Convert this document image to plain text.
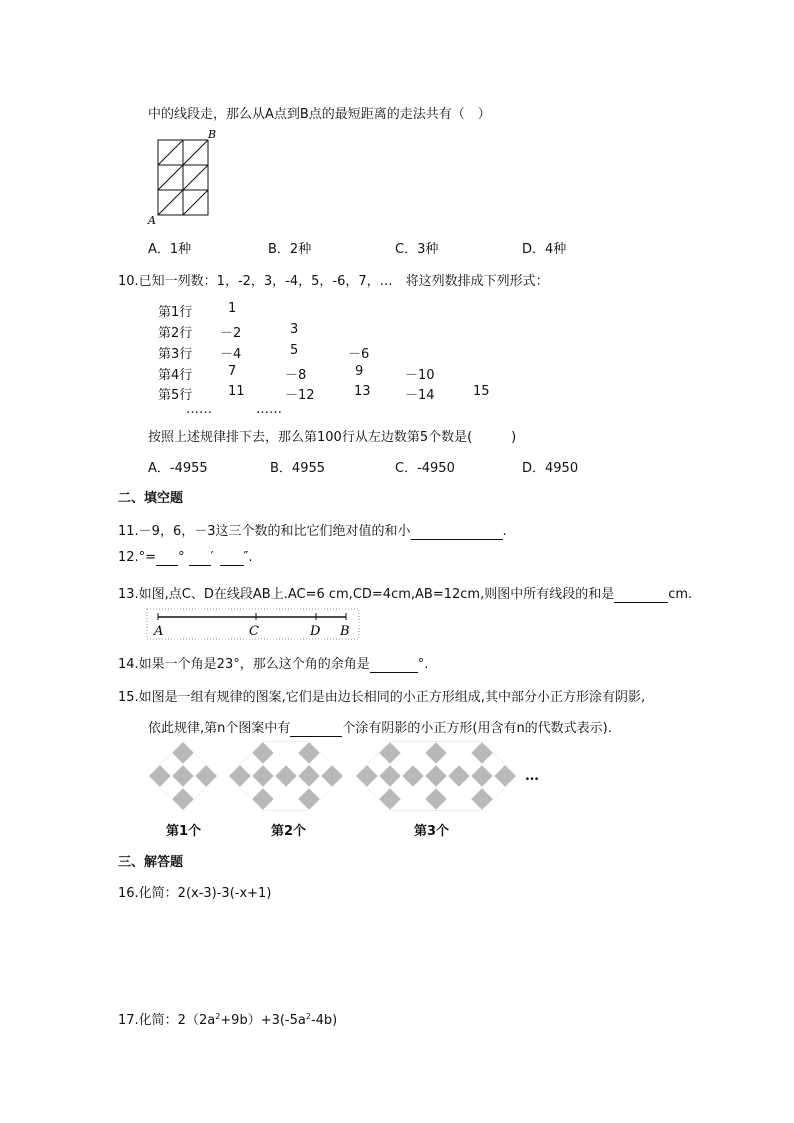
中的线段走，那么从A点到B点的最短距离的走法共有（　）
B
A
A．1种	B．2种	C．3种	D．4种
10.已知一列数：1，-2，3，-4，5，-6，7，…　将这列数排成下列形式：
第1行	1
第2行 －2	3
第3行 －4	5	－6
第4行	7	－8	9	－10
第5行	11	－12	13	－14	15
……	……
按照上述规律排下去，那么第100行从左边数第5个数是(　　　)
A．-4955	B．4955	C．-4950	D．4950
二、填空题
11.－9，6，－3这三个数的和比它们绝对值的和小	.
12.°= ° ′ ″.
13.如图,点C、D在线段AB上.AC=6 cm,CD=4cm,AB=12cm,则图中所有线段的和是	cm.
A	C	D B
14.如果一个角是23°，那么这个角的余角是	°.
15.如图是一组有规律的图案,它们是由边长相同的小正方形组成,其中部分小正方形涂有阴影,
依此规律,第n个图案中有	个涂有阴影的小正方形(用含有n的代数式表示).
…
第1个	第2个	第3个
三、解答题
16.化简：2(x-3)-3(-x+1)
17.化简：$2(2a^2+9b)+3(-5a^2-4b)$
